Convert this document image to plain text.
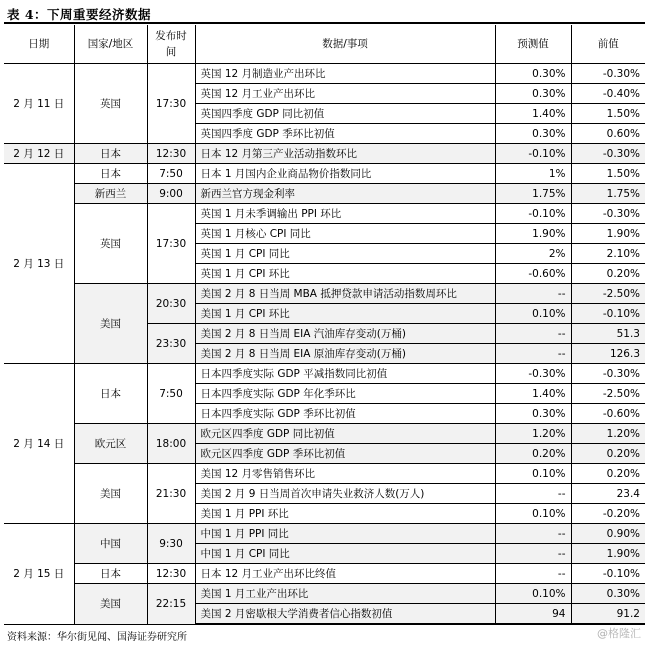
表 4：下周重要经济数据
日期	国家/地区	发布时间	数据/事项	预测值	前值
2 月 11 日	英国	17:30	英国 12 月制造业产出环比	0.30%	-0.30%
			英国 12 月工业产出环比	0.30%	-0.40%
			英国四季度 GDP 同比初值	1.40%	1.50%
			英国四季度 GDP 季环比初值	0.30%	0.60%
2 月 12 日	日本	12:30	日本 12 月第三产业活动指数环比	-0.10%	-0.30%
2 月 13 日	日本	7:50	日本 1 月国内企业商品物价指数同比	1%	1.50%
	新西兰	9:00	新西兰官方现金利率	1.75%	1.75%
	英国	17:30	英国 1 月未季调输出 PPI 环比	-0.10%	-0.30%
			英国 1 月核心 CPI 同比	1.90%	1.90%
			英国 1 月 CPI 同比	2%	2.10%
			英国 1 月 CPI 环比	-0.60%	0.20%
	美国	20:30	美国 2 月 8 日当周 MBA 抵押贷款申请活动指数周环比	--	-2.50%
			美国 1 月 CPI 环比	0.10%	-0.10%
		23:30	美国 2 月 8 日当周 EIA 汽油库存变动(万桶)	--	51.3
			美国 2 月 8 日当周 EIA 原油库存变动(万桶)	--	126.3
2 月 14 日	日本	7:50	日本四季度实际 GDP 平减指数同比初值	-0.30%	-0.30%
			日本四季度实际 GDP 年化季环比	1.40%	-2.50%
			日本四季度实际 GDP 季环比初值	0.30%	-0.60%
	欧元区	18:00	欧元区四季度 GDP 同比初值	1.20%	1.20%
			欧元区四季度 GDP 季环比初值	0.20%	0.20%
	美国	21:30	美国 12 月零售销售环比	0.10%	0.20%
			美国 2 月 9 日当周首次申请失业救济人数(万人)	--	23.4
			美国 1 月 PPI 环比	0.10%	-0.20%
2 月 15 日	中国	9:30	中国 1 月 PPI 同比	--	0.90%
			中国 1 月 CPI 同比	--	1.90%
	日本	12:30	日本 12 月工业产出环比终值	--	-0.10%
	美国	22:15	美国 1 月工业产出环比	0.10%	0.30%
			美国 2 月密歇根大学消费者信心指数初值	94	91.2
资料来源：华尔街见闻、国海证券研究所	@格隆汇
